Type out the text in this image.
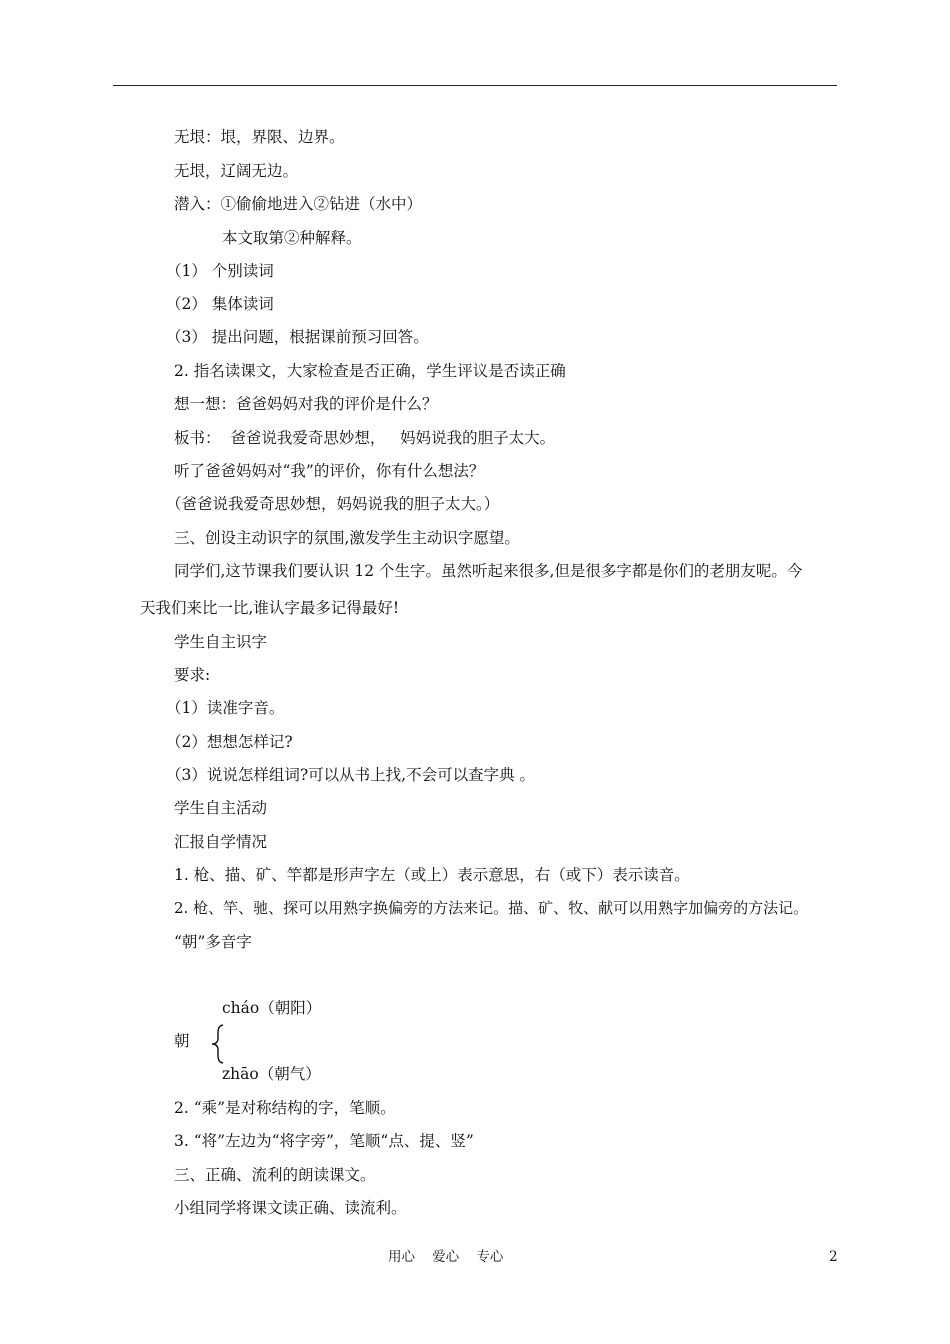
无垠：垠，界限、边界。
无垠，辽阔无边。
潜入：①偷偷地进入②钻进（水中）
本文取第②种解释。
（1） 个别读词
（2） 集体读词
（3） 提出问题，根据课前预习回答。
2. 指名读课文，大家检查是否正确，学生评议是否读正确
想一想：爸爸妈妈对我的评价是什么？
板书：  爸爸说我爱奇思妙想，   妈妈说我的胆子太大。
听了爸爸妈妈对“我”的评价，你有什么想法？
（爸爸说我爱奇思妙想，妈妈说我的胆子太大。）
三、创设主动识字的氛围,激发学生主动识字愿望。
同学们,这节课我们要认识 12 个生字。虽然听起来很多,但是很多字都是你们的老朋友呢。今
天我们来比一比,谁认字最多记得最好!
学生自主识字
要求:
（1）读准字音。
（2）想想怎样记?
（3）说说怎样组词?可以从书上找,不会可以查字典 。
学生自主活动
汇报自学情况
1. 枪、描、矿、竿都是形声字左（或上）表示意思，右（或下）表示读音。
2. 枪、竿、驰、探可以用熟字换偏旁的方法来记。描、矿、牧、献可以用熟字加偏旁的方法记。
“朝”多音字
cháo（朝阳）
朝
zhāo（朝气）
2. “乘”是对称结构的字，笔顺。
3. “将”左边为“将字旁”，笔顺“点、提、竖”
三、正确、流利的朗读课文。
小组同学将课文读正确、读流利。
用心    爱心    专心	2
